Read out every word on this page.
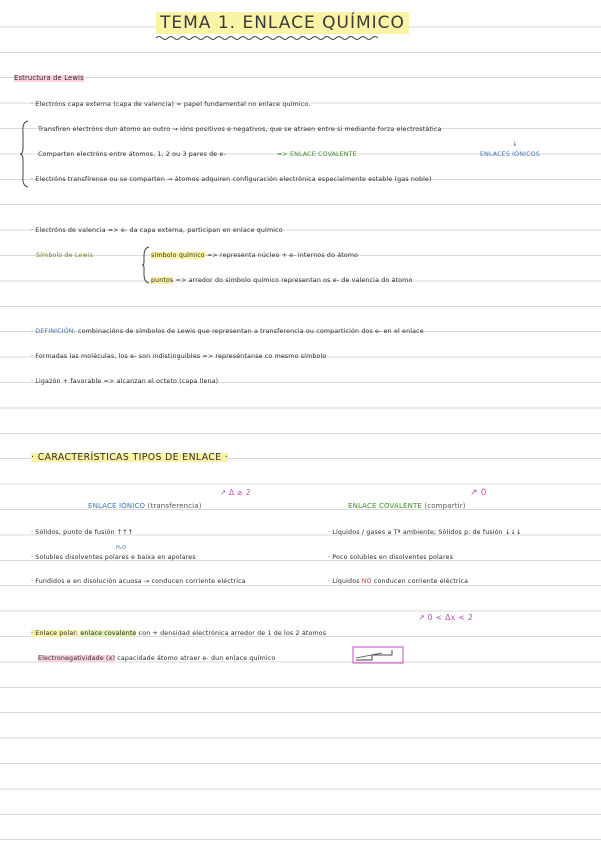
TEMA 1. ENLACE QUÍMICO
Estructura de Lewis
· Electróns capa externa (capa de valencia) = papel fundamental no enlace químico.
Transfiren electróns dun átomo ao outro → ións positivos e negativos, que se atraen entre si mediante forza electrostática
ENLACES IÓNICOS
↓
Comparten electróns entre átomos, 1, 2 ou 3 pares de e-	=> ENLACE COVALENTE
· Electróns transfírense ou se comparten → átomos adquiren configuración electrónica especialmente estable (gas noble)
· Electróns de valencia => e- da capa externa, participan en enlace químico
Símbolo de Lewis	símbolo químico => representa núcleo + e- internos do átomo
puntos => arredor do símbolo químico representan os e- de valencia do átomo
· DEFINICIÓN: combinacións de símbolos de Lewis que representan a transferencia ou compartición dos e- en el enlace
· Formadas las moléculas, los e- son indistinguibles => represéntanse co mesmo símbolo
· Ligazón + favorable => alcanzan el octeto (capa llena)
· CARACTERÍSTICAS TIPOS DE ENLACE ·
↗ Δ ≥ 2
ENLACE IÓNICO (transferencia)
↗ 0
ENLACE COVALENTE (compartir)
· Sólidos, punto de fusión ↑↑↑
H₂O
· Solubles disolventes polares e baixa en apolares
· Fundidos e en disolución acuosa → conducen corriente eléctrica
· Líquidos / gases a Tª ambiente; Sólidos p. de fusión ↓↓↓
· Poco solubles en disolventes polares
· Líquidos NO conducen corriente eléctrica
↗ 0 < Δx < 2
· Enlace polar: enlace covalente con + densidad electrónica arredor de 1 de los 2 átomos
Electronegatividade (x) capacidade átomo atraer e- dun enlace químico
